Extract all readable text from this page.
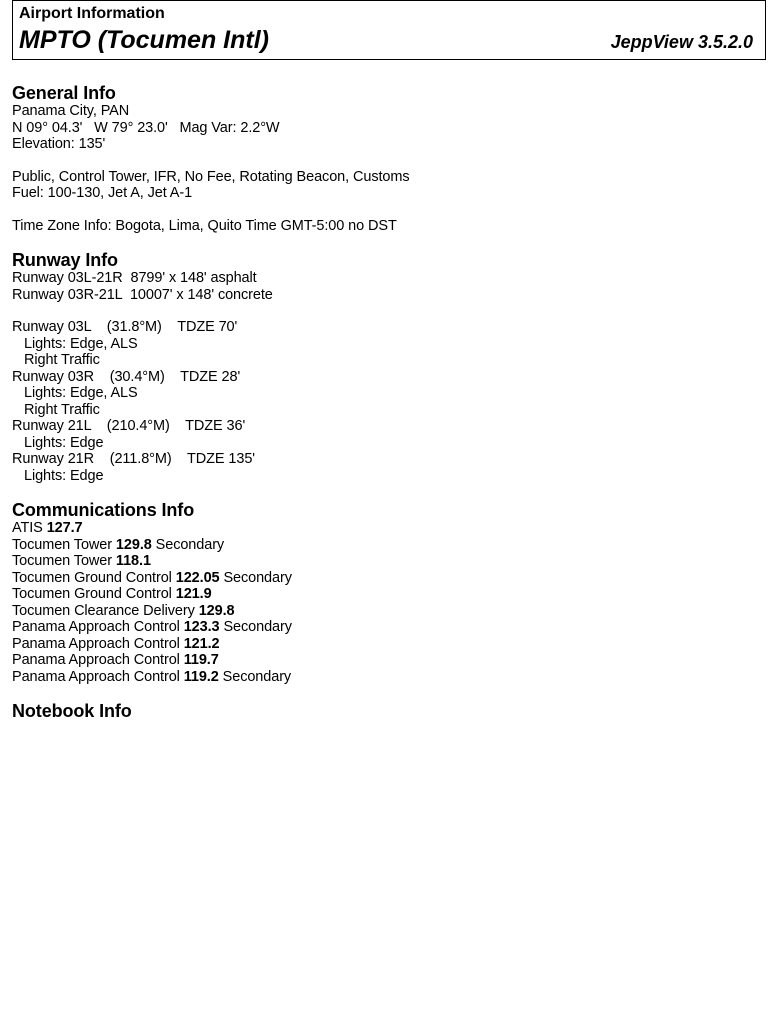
Airport Information
MPTO (Tocumen Intl)	JeppView 3.5.2.0
General Info
Panama City, PAN
N 09° 04.3'   W 79° 23.0'   Mag Var: 2.2°W
Elevation: 135'
Public, Control Tower, IFR, No Fee, Rotating Beacon, Customs
Fuel: 100-130, Jet A, Jet A-1
Time Zone Info: Bogota, Lima, Quito Time GMT-5:00 no DST
Runway Info
Runway 03L-21R  8799' x 148' asphalt
Runway 03R-21L  10007' x 148' concrete
Runway 03L    (31.8°M)    TDZE 70'
Lights: Edge, ALS
Right Traffic
Runway 03R    (30.4°M)    TDZE 28'
Lights: Edge, ALS
Right Traffic
Runway 21L    (210.4°M)    TDZE 36'
Lights: Edge
Runway 21R    (211.8°M)    TDZE 135'
Lights: Edge
Communications Info
ATIS 127.7
Tocumen Tower 129.8 Secondary
Tocumen Tower 118.1
Tocumen Ground Control 122.05 Secondary
Tocumen Ground Control 121.9
Tocumen Clearance Delivery 129.8
Panama Approach Control 123.3 Secondary
Panama Approach Control 121.2
Panama Approach Control 119.7
Panama Approach Control 119.2 Secondary
Notebook Info
